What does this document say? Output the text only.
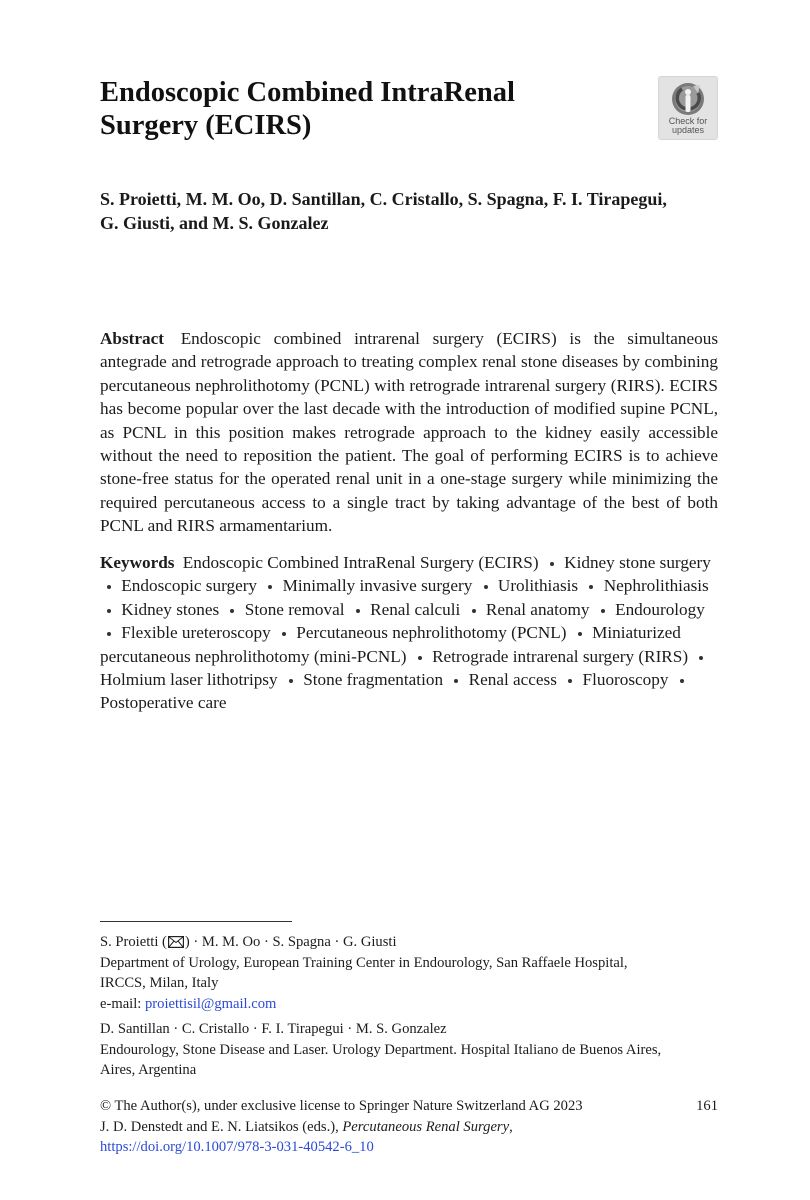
Endoscopic Combined IntraRenal
Surgery (ECIRS)	Check for
updates

S. Proietti, M. M. Oo, D. Santillan, C. Cristallo, S. Spagna, F. I. Tirapegui,
G. Giusti, and M. S. Gonzalez

Abstract Endoscopic combined intrarenal surgery (ECIRS) is the simultaneous antegrade and retrograde approach to treating complex renal stone diseases by combining percutaneous nephrolithotomy (PCNL) with retrograde intrarenal surgery (RIRS). ECIRS has become popular over the last decade with the introduction of modified supine PCNL, as PCNL in this position makes retrograde approach to the kidney easily accessible without the need to reposition the patient. The goal of performing ECIRS is to achieve stone-free status for the operated renal unit in a one-stage surgery while minimizing the required percutaneous access to a single tract by taking advantage of the best of both PCNL and RIRS armamentarium.

Keywords Endoscopic Combined IntraRenal Surgery (ECIRS) Kidney stone surgery  Endoscopic surgery Minimally invasive surgery Urolithiasis Nephrolithiasis  Kidney stones Stone removal Renal calculi Renal anatomy Endourology  Flexible ureteroscopy Percutaneous nephrolithotomy (PCNL) Miniaturized percutaneous nephrolithotomy (mini-PCNL) Retrograde intrarenal surgery (RIRS)  Holmium laser lithotripsy Stone fragmentation Renal access Fluoroscopy  Postoperative care

S. Proietti ( ) · M. M. Oo · S. Spagna · G. Giusti
Department of Urology, European Training Center in Endourology, San Raffaele Hospital,
IRCCS, Milan, Italy
e-mail: proiettisil@gmail.com

D. Santillan · C. Cristallo · F. I. Tirapegui · M. S. Gonzalez
Endourology, Stone Disease and Laser. Urology Department. Hospital Italiano de Buenos Aires,
Aires, Argentina

© The Author(s), under exclusive license to Springer Nature Switzerland AG 2023
J. D. Denstedt and E. N. Liatsikos (eds.), Percutaneous Renal Surgery,
https://doi.org/10.1007/978-3-031-40542-6_10

161
